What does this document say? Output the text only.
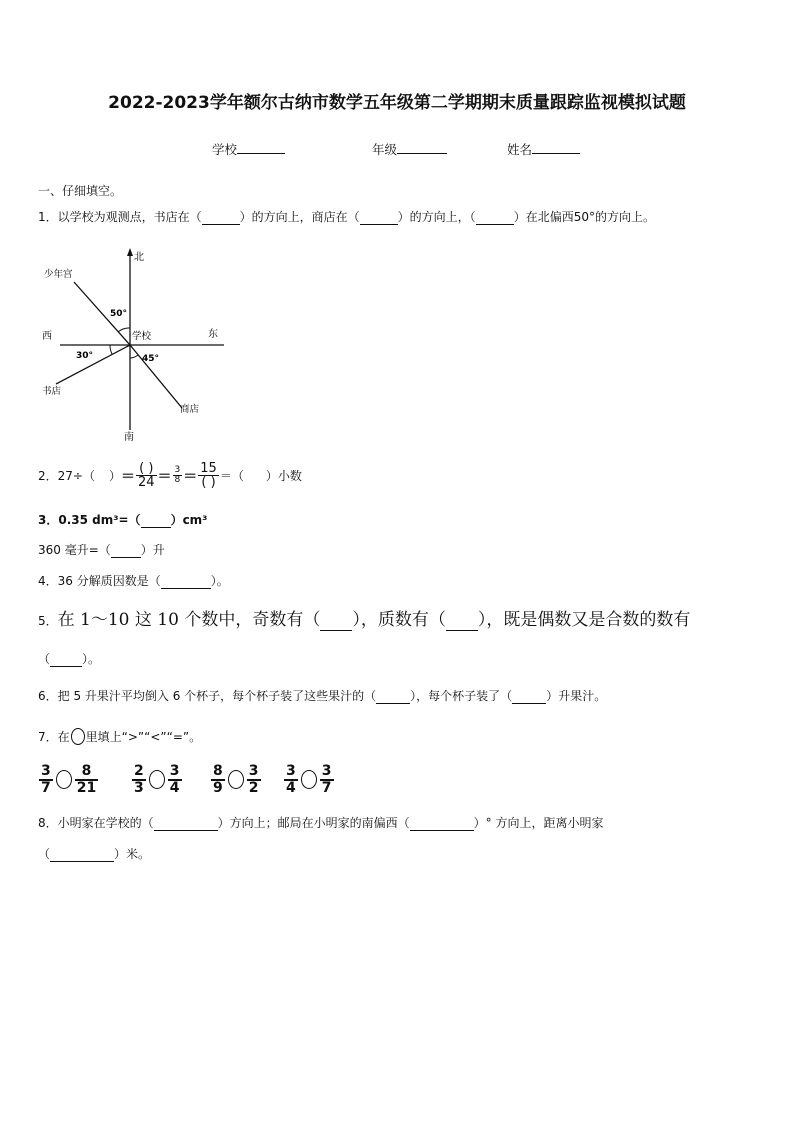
2022-2023学年额尔古纳市数学五年级第二学期期末质量跟踪监视模拟试题
学校	年级	姓名
一、仔细填空。
1．以学校为观测点，书店在（	）的方向上，商店在（	）的方向上，（	）在北偏西50°的方向上。
北
南
东
西	学校
少年宫
书店
商店
50°
30°	45°
2． 27÷（ ） ＝ $\frac{( )}{24} = \frac{3}{8} = \frac{15}{( )}$ ＝（ ）小数
3．0.35 dm³=（	）cm³
360 毫升=（	）升
4．36 分解质因数是（	）。
5．在 1～10 这 10 个数中，奇数有（ ），质数有（ ），既是偶数又是合数的数有
（	）。
6．把 5 升果汁平均倒入 6 个杯子，每个杯子装了这些果汁的（	），每个杯子装了（	）升果汁。
7． 在 里填上“>”“<”“=”。
$\frac{3}{7} \frac{8}{21} \frac{2}{3} \frac{3}{4} \frac{8}{9} \frac{3}{2} \frac{3}{4} \frac{3}{7}$
8．小明家在学校的（	）方向上；邮局在小明家的南偏西（	）° 方向上，距离小明家
（	）米。
